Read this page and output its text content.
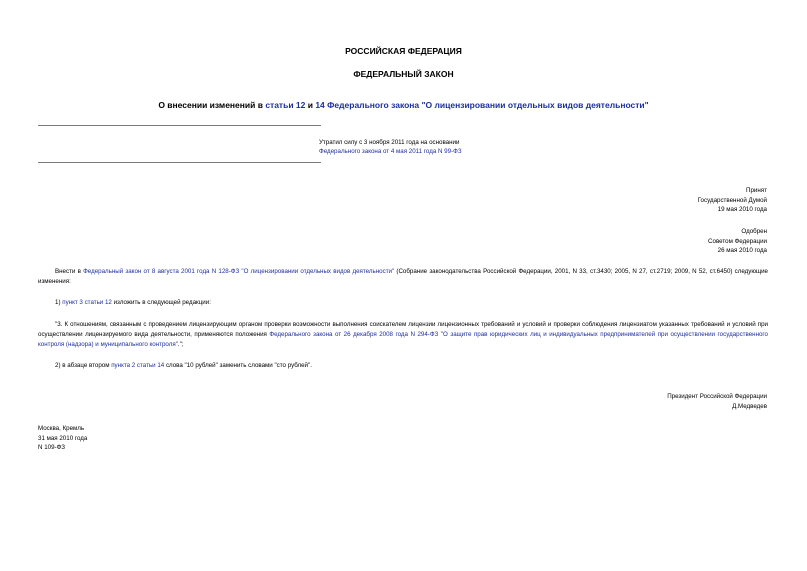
РОССИЙСКАЯ ФЕДЕРАЦИЯ
ФЕДЕРАЛЬНЫЙ ЗАКОН
О внесении изменений в статьи 12 и 14 Федерального закона "О лицензировании отдельных видов деятельности"
Утратил силу с 3 ноября 2011 года на основании
Федерального закона от 4 мая 2011 года N 99-ФЗ
Принят
Государственной Думой
19 мая 2010 года
Одобрен
Советом Федерации
26 мая 2010 года
Внести в Федеральный закон от 8 августа 2001 года N 128-ФЗ "О лицензировании отдельных видов деятельности" (Собрание законодательства Российской Федерации, 2001, N 33, ст.3430; 2005, N 27, ст.2719; 2009, N 52, ст.6450) следующие изменения:
1) пункт 3 статьи 12 изложить в следующей редакции:
"3. К отношениям, связанным с проведением лицензирующим органом проверки возможности выполнения соискателем лицензии лицензионных требований и условий и проверки соблюдения лицензиатом указанных требований и условий при осуществлении лицензируемого вида деятельности, применяются положения Федерального закона от 26 декабря 2008 года N 294-ФЗ "О защите прав юридических лиц и индивидуальных предпринимателей при осуществлении государственного контроля (надзора) и муниципального контроля".";
2) в абзаце втором пункта 2 статьи 14 слова "10 рублей" заменить словами "сто рублей".
Президент Российской Федерации
Д.Медведев
Москва, Кремль
31 мая 2010 года
N 109-ФЗ
